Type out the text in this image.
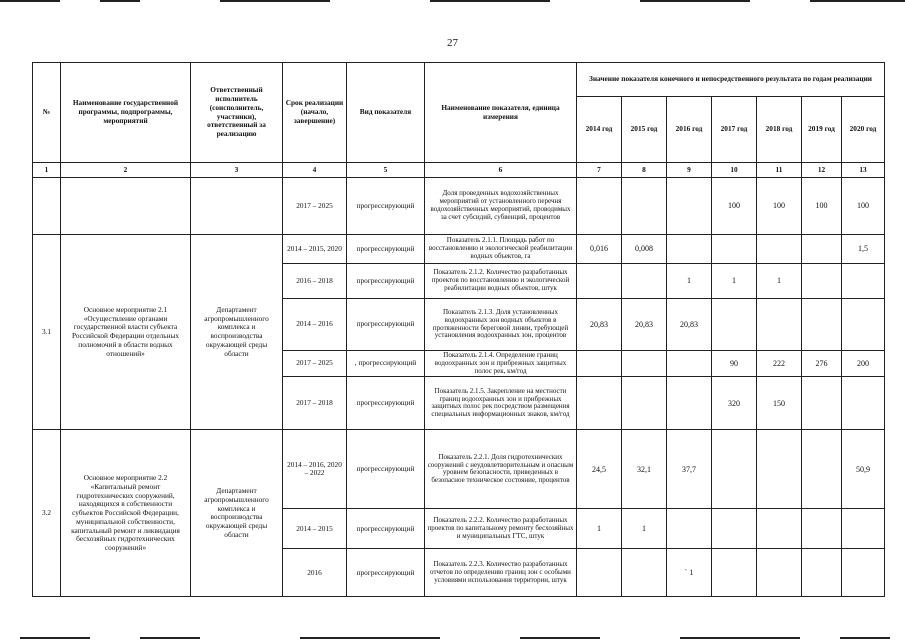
27
№	Наименование государственной программы, подпрограммы, мероприятий	Ответственный исполнитель (соисполнитель, участники), ответственный за реализацию	Срок реализации (начало, завершение)	Вид показателя	Наименование показателя, единица измерения	Значение показателя конечного и непосредственного результата по годам реализации						
						2014 год	2015 год	2016 год	2017 год	2018 год	2019 год	2020 год
1	2	3	4	5	6	7	8	9	10	11	12	13
			2017 – 2025	прогрессирующий	Доля проведенных водохозяйственных мероприятий от установленного перечня водохозяйственных мероприятий, проводимых за счет субсидий, субвенций, процентов				100	100	100	100
3.1	Основное мероприятие 2.1 «Осуществление органами государственной власти субъекта Российской Федерации отдельных полномочий в области водных отношений»	Департамент агропромышленного комплекса и воспроизводства окружающей среды области	2014 – 2015, 2020	прогрессирующий	Показатель 2.1.1. Площадь работ по восстановлению и экологической реабилитации водных объектов, га	0,016	0,008					1,5
			2016 – 2018	прогрессирующий	Показатель 2.1.2. Количество разработанных проектов по восстановлению и экологической реабилитации водных объектов, штук			1	1	1		
			2014 – 2016	прогрессирующий	Показатель 2.1.3. Доля установленных водоохранных зон водных объектов в протяженности береговой линии, требующей установления водоохранных зон, процентов	20,83	20,83	20,83				
			2017 – 2025	, прогрессирующий	Показатель 2.1.4. Определение границ водоохранных зон и прибрежных защитных полос рек, км/год				90	222	276	200
			2017 – 2018	прогрессирующий	Показатель 2.1.5. Закрепление на местности границ водоохранных зон и прибрежных защитных полос рек посредством размещения специальных информационных знаков, км/год				320	150		
3.2	Основное мероприятие 2.2 «Капитальный ремонт гидротехнических сооружений, находящихся в собственности субъектов Российской Федерации, муниципальной собственности, капитальный ремонт и ликвидация бесхозяйных гидротехнических сооружений»	Департамент агропромышленного комплекса и воспроизводства окружающей среды области	2014 – 2016, 2020 – 2022	прогрессирующий	Показатель 2.2.1. Доля гидротехнических сооружений с неудовлетворительным и опасным уровнем безопасности, приведенных в безопасное техническое состояние, процентов	24,5	32,1	37,7				50,9
			2014 – 2015	прогрессирующий	Показатель 2.2.2. Количество разработанных проектов по капитальному ремонту бесхозяйных и муниципальных ГТС, штук	1	1					
			2016	прогрессирующий	Показатель 2.2.3. Количество разработанных отчетов по определению границ зон с особыми условиями использования территории, штук			` 1				
